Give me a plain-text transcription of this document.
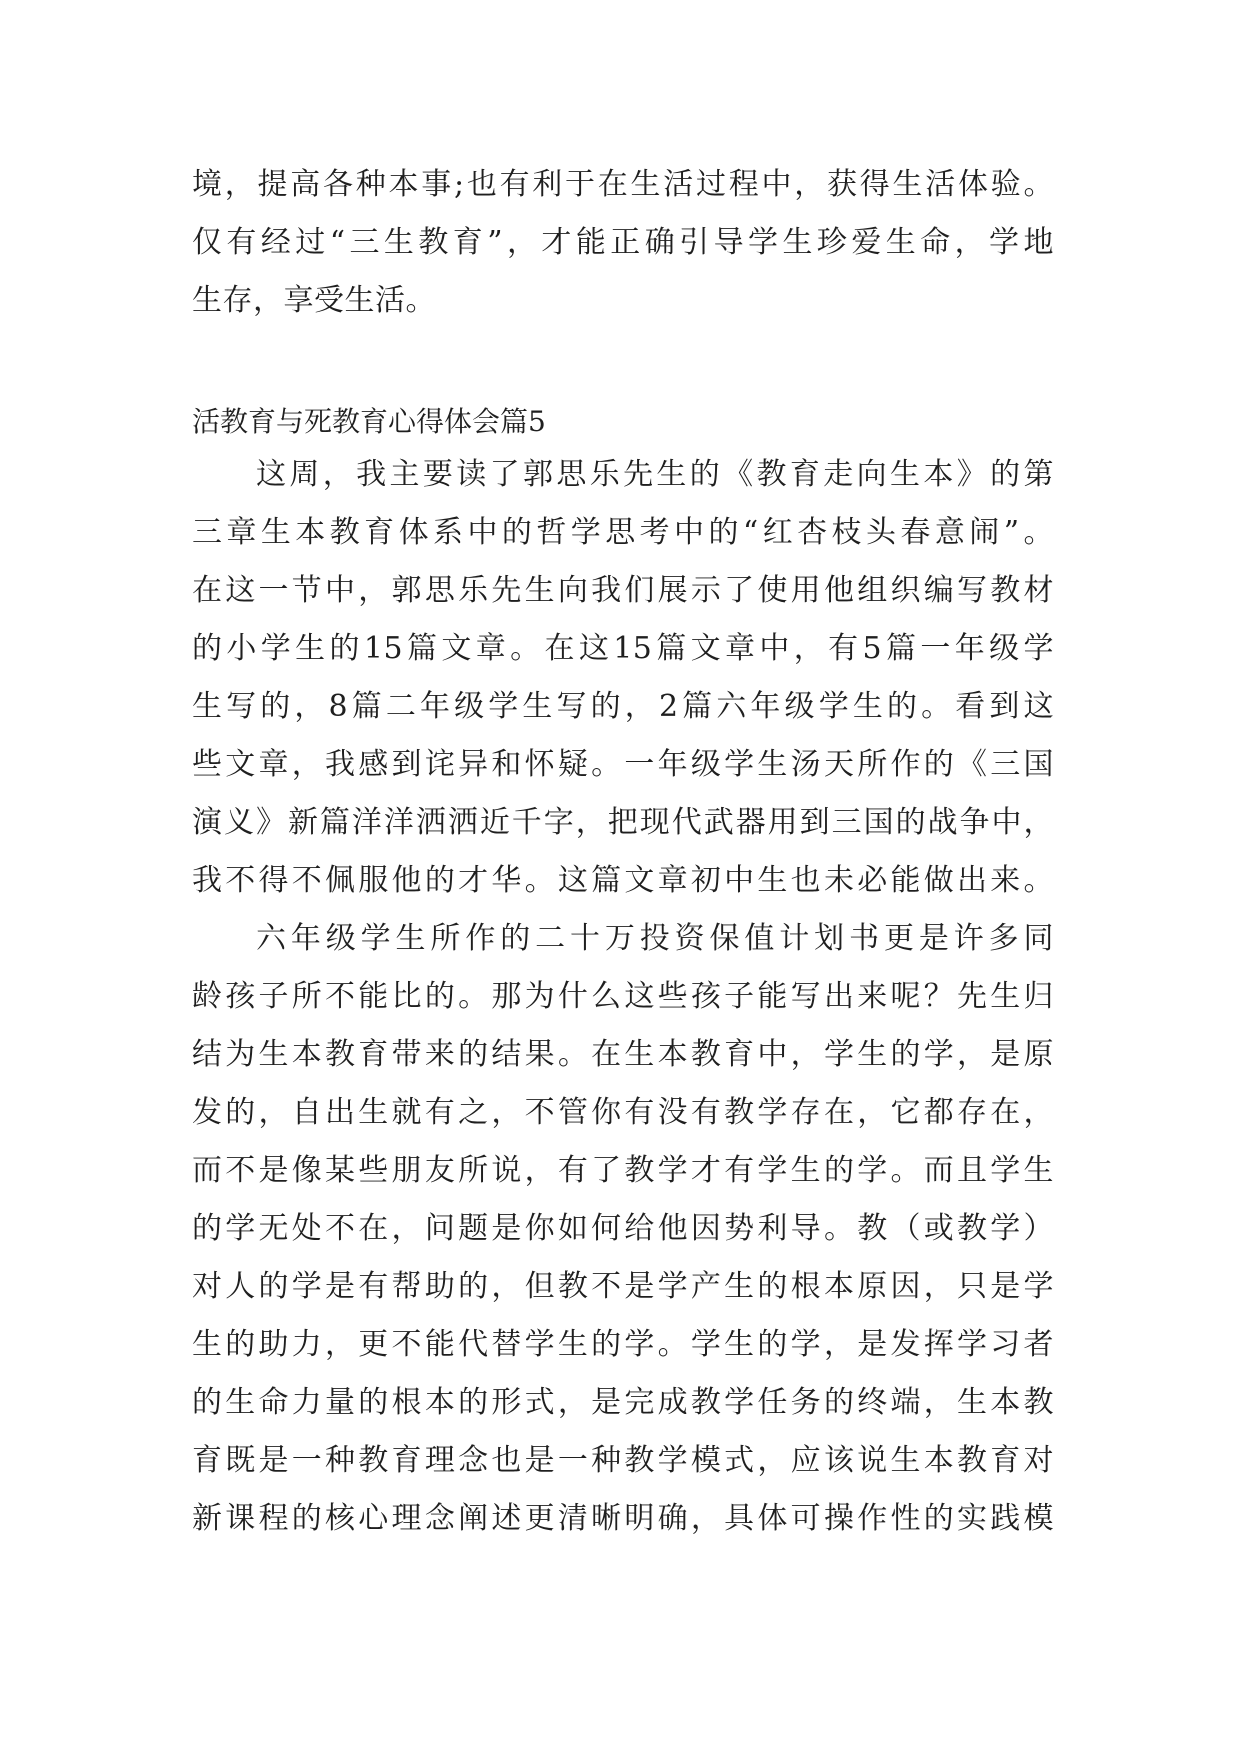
境，提高各种本事;也有利于在生活过程中，获得生活体验。
仅有经过“三生教育”，才能正确引导学生珍爱生命，学地
生存，享受生活。
活教育与死教育心得体会篇5
这周，我主要读了郭思乐先生的《教育走向生本》的第
三章生本教育体系中的哲学思考中的“红杏枝头春意闹”。
在这一节中，郭思乐先生向我们展示了使用他组织编写教材
的小学生的15篇文章。在这15篇文章中，有5篇一年级学
生写的，8篇二年级学生写的，2篇六年级学生的。看到这
些文章，我感到诧异和怀疑。一年级学生汤天所作的《三国
演义》新篇洋洋洒洒近千字，把现代武器用到三国的战争中，
我不得不佩服他的才华。这篇文章初中生也未必能做出来。
六年级学生所作的二十万投资保值计划书更是许多同
龄孩子所不能比的。那为什么这些孩子能写出来呢？先生归
结为生本教育带来的结果。在生本教育中，学生的学，是原
发的，自出生就有之，不管你有没有教学存在，它都存在，
而不是像某些朋友所说，有了教学才有学生的学。而且学生
的学无处不在，问题是你如何给他因势利导。教（或教学）
对人的学是有帮助的，但教不是学产生的根本原因，只是学
生的助力，更不能代替学生的学。学生的学，是发挥学习者
的生命力量的根本的形式，是完成教学任务的终端，生本教
育既是一种教育理念也是一种教学模式，应该说生本教育对
新课程的核心理念阐述更清晰明确，具体可操作性的实践模
